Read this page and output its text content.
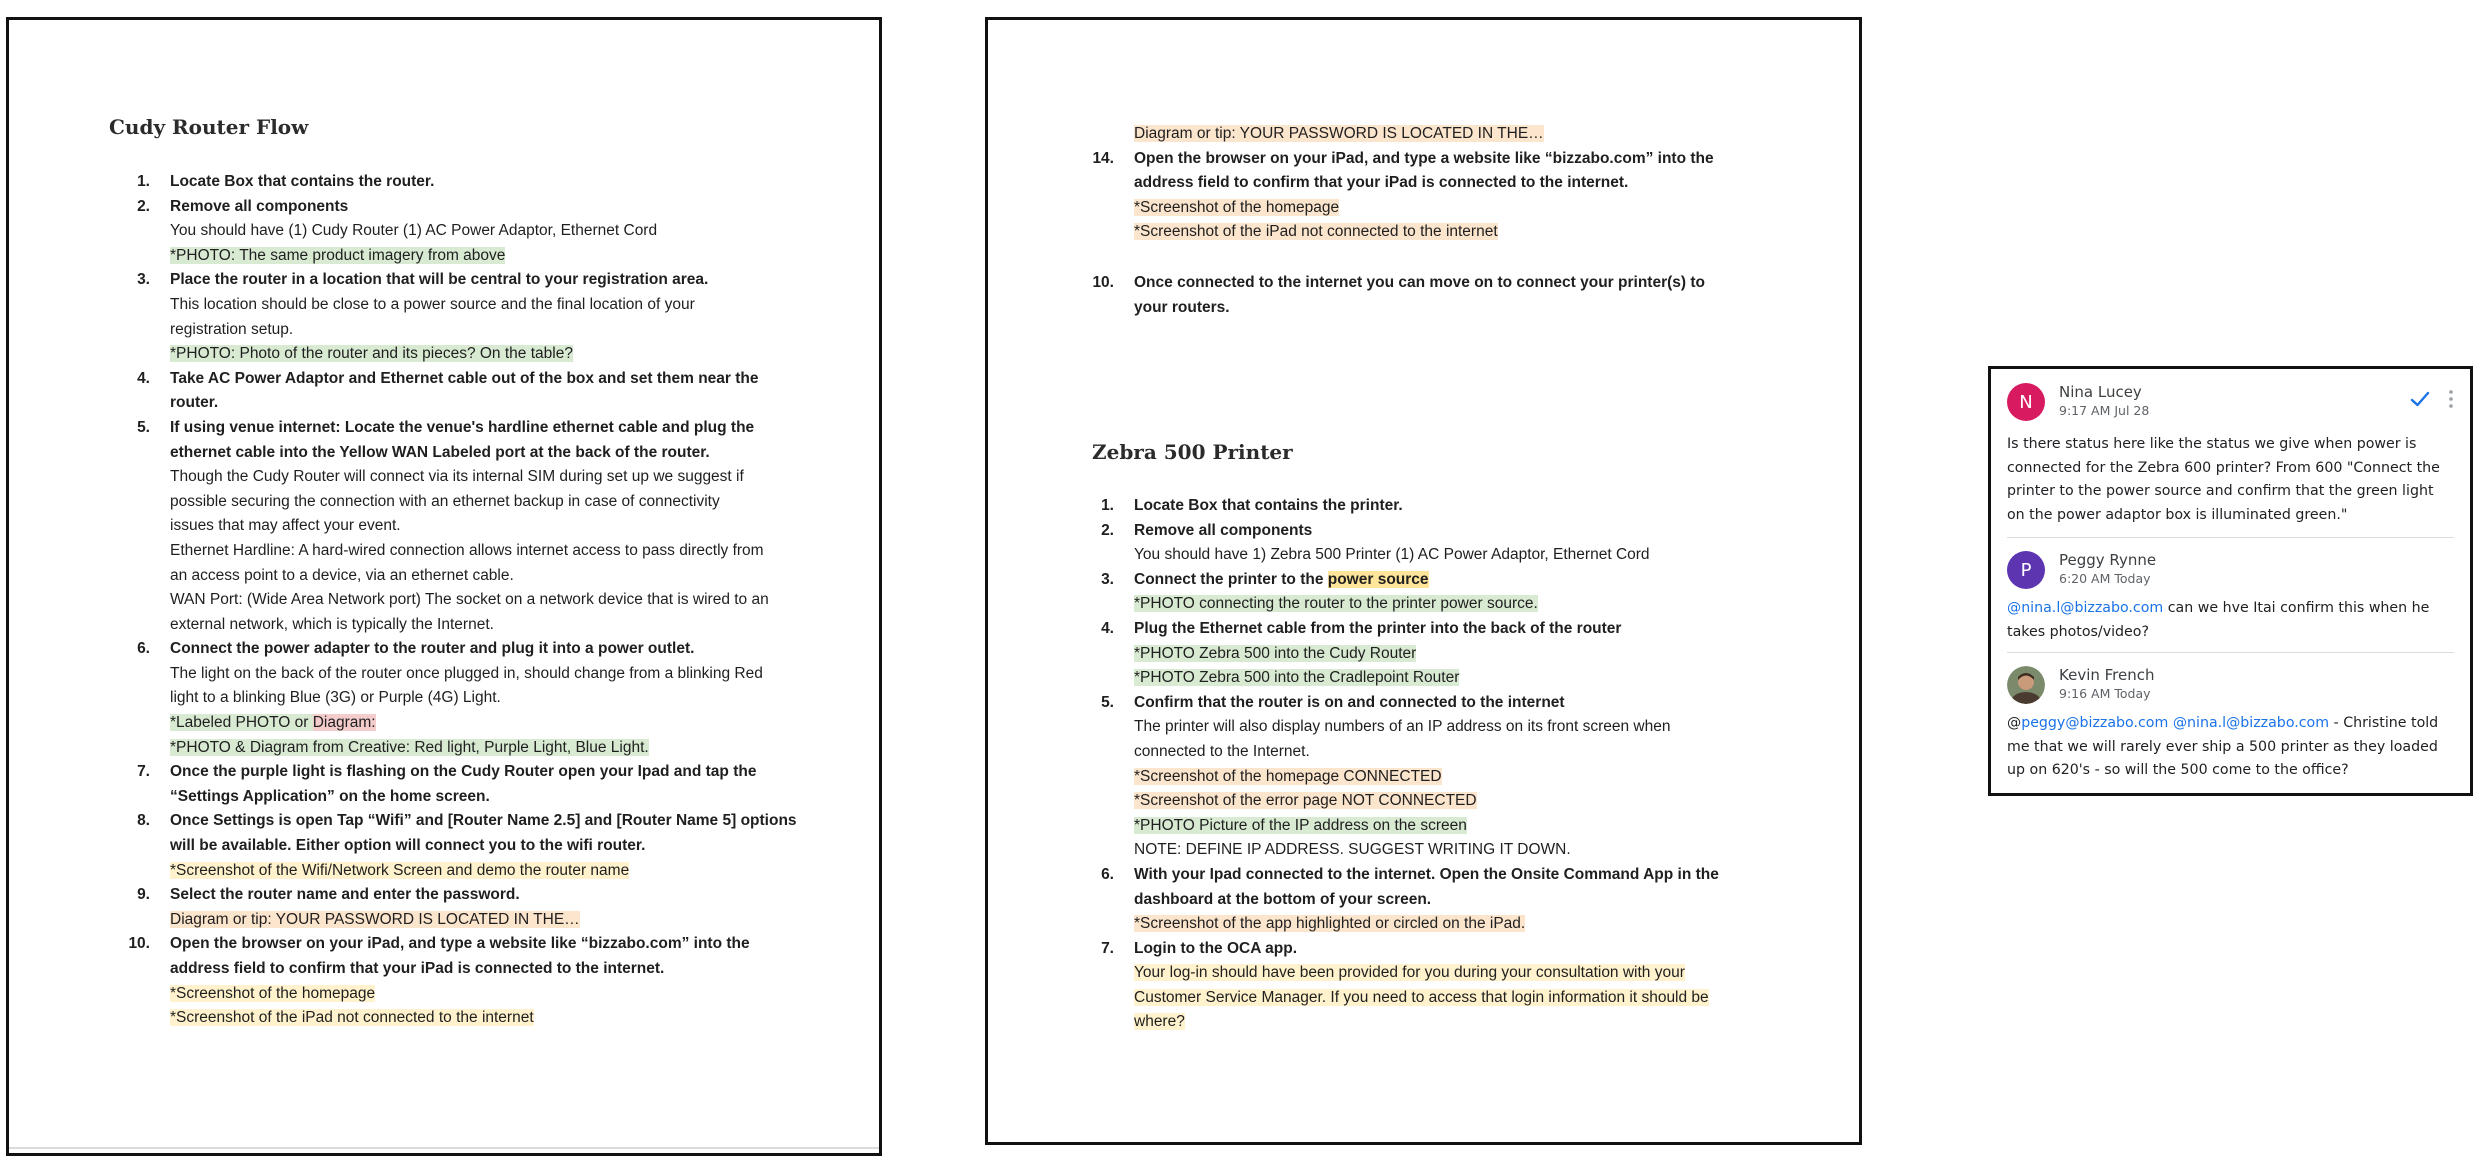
Cudy Router Flow
1. Locate Box that contains the router.
2. Remove all components
You should have (1) Cudy Router (1) AC Power Adaptor, Ethernet Cord
*PHOTO: The same product imagery from above
3. Place the router in a location that will be central to your registration area.
This location should be close to a power source and the final location of your
registration setup.
*PHOTO: Photo of the router and its pieces? On the table?
4. Take AC Power Adaptor and Ethernet cable out of the box and set them near the
router.
5. If using venue internet: Locate the venue's hardline ethernet cable and plug the
ethernet cable into the Yellow WAN Labeled port at the back of the router.
Though the Cudy Router will connect via its internal SIM during set up we suggest if
possible securing the connection with an ethernet backup in case of connectivity
issues that may affect your event.
Ethernet Hardline: A hard-wired connection allows internet access to pass directly from
an access point to a device, via an ethernet cable.
WAN Port: (Wide Area Network port) The socket on a network device that is wired to an
external network, which is typically the Internet.
6. Connect the power adapter to the router and plug it into a power outlet.
The light on the back of the router once plugged in, should change from a blinking Red
light to a blinking Blue (3G) or Purple (4G) Light.
*Labeled PHOTO or Diagram:
*PHOTO & Diagram from Creative: Red light, Purple Light, Blue Light.
7. Once the purple light is flashing on the Cudy Router open your Ipad and tap the
“Settings Application” on the home screen.
8. Once Settings is open Tap “Wifi” and [Router Name 2.5] and [Router Name 5] options
will be available. Either option will connect you to the wifi router.
*Screenshot of the Wifi/Network Screen and demo the router name
9. Select the router name and enter the password.
Diagram or tip: YOUR PASSWORD IS LOCATED IN THE…
10. Open the browser on your iPad, and type a website like “bizzabo.com” into the
address field to confirm that your iPad is connected to the internet.
*Screenshot of the homepage
*Screenshot of the iPad not connected to the internet
Diagram or tip: YOUR PASSWORD IS LOCATED IN THE…
14. Open the browser on your iPad, and type a website like “bizzabo.com” into the
address field to confirm that your iPad is connected to the internet.
*Screenshot of the homepage
*Screenshot of the iPad not connected to the internet
10. Once connected to the internet you can move on to connect your printer(s) to
your routers.
Zebra 500 Printer
1. Locate Box that contains the printer.
2. Remove all components
You should have 1) Zebra 500 Printer (1) AC Power Adaptor, Ethernet Cord
3. Connect the printer to the power source
*PHOTO connecting the router to the printer power source.
4. Plug the Ethernet cable from the printer into the back of the router
*PHOTO Zebra 500 into the Cudy Router
*PHOTO Zebra 500 into the Cradlepoint Router
5. Confirm that the router is on and connected to the internet
The printer will also display numbers of an IP address on its front screen when
connected to the Internet.
*Screenshot of the homepage CONNECTED
*Screenshot of the error page NOT CONNECTED
*PHOTO Picture of the IP address on the screen
NOTE: DEFINE IP ADDRESS. SUGGEST WRITING IT DOWN.
6. With your Ipad connected to the internet. Open the Onsite Command App in the
dashboard at the bottom of your screen.
*Screenshot of the app highlighted or circled on the iPad.
7. Login to the OCA app.
Your log-in should have been provided for you during your consultation with your
Customer Service Manager. If you need to access that login information it should be
where?
N	Nina Lucey
9:17 AM Jul 28
Is there status here like the status we give when power is
connected for the Zebra 600 printer? From 600 "Connect the
printer to the power source and confirm that the green light
on the power adaptor box is illuminated green."
P	Peggy Rynne
6:20 AM Today
@nina.l@bizzabo.com can we hve Itai confirm this when he
takes photos/video?
Kevin French
9:16 AM Today
@peggy@bizzabo.com @nina.l@bizzabo.com - Christine told
me that we will rarely ever ship a 500 printer as they loaded
up on 620's - so will the 500 come to the office?
